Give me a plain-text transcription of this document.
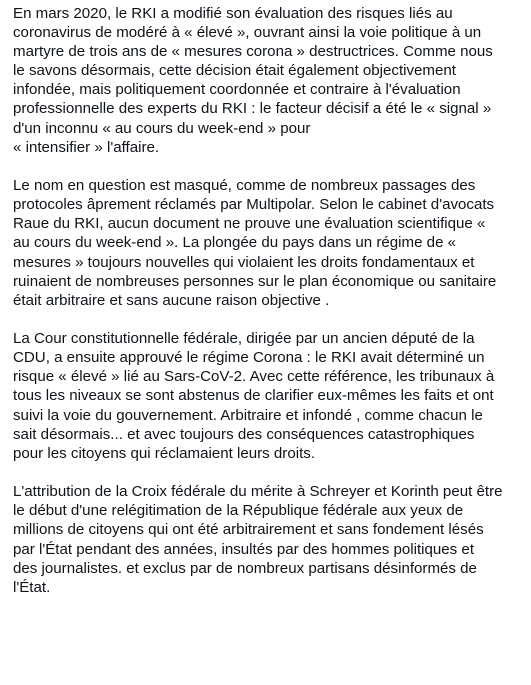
En mars 2020, le RKI a modifié son évaluation des risques liés au
coronavirus de modéré à « élevé », ouvrant ainsi la voie politique à un
martyre de trois ans de « mesures corona » destructrices. Comme nous
le savons désormais, cette décision était également objectivement
infondée, mais politiquement coordonnée et contraire à l'évaluation
professionnelle des experts du RKI : le facteur décisif a été le « signal »
d'un inconnu « au cours du week-end » pour
« intensifier » l'affaire.

Le nom en question est masqué, comme de nombreux passages des
protocoles âprement réclamés par Multipolar. Selon le cabinet d'avocats
Raue du RKI, aucun document ne prouve une évaluation scientifique «
au cours du week-end ». La plongée du pays dans un régime de «
mesures » toujours nouvelles qui violaient les droits fondamentaux et
ruinaient de nombreuses personnes sur le plan économique ou sanitaire
était arbitraire et sans aucune raison objective .

La Cour constitutionnelle fédérale, dirigée par un ancien député de la
CDU, a ensuite approuvé le régime Corona : le RKI avait déterminé un
risque « élevé » lié au Sars-CoV-2. Avec cette référence, les tribunaux à
tous les niveaux se sont abstenus de clarifier eux-mêmes les faits et ont
suivi la voie du gouvernement. Arbitraire et infondé , comme chacun le
sait désormais... et avec toujours des conséquences catastrophiques
pour les citoyens qui réclamaient leurs droits.

L'attribution de la Croix fédérale du mérite à Schreyer et Korinth peut être
le début d'une relégitimation de la République fédérale aux yeux de
millions de citoyens qui ont été arbitrairement et sans fondement lésés
par l'État pendant des années, insultés par des hommes politiques et
des journalistes. et exclus par de nombreux partisans désinformés de
l'État.
